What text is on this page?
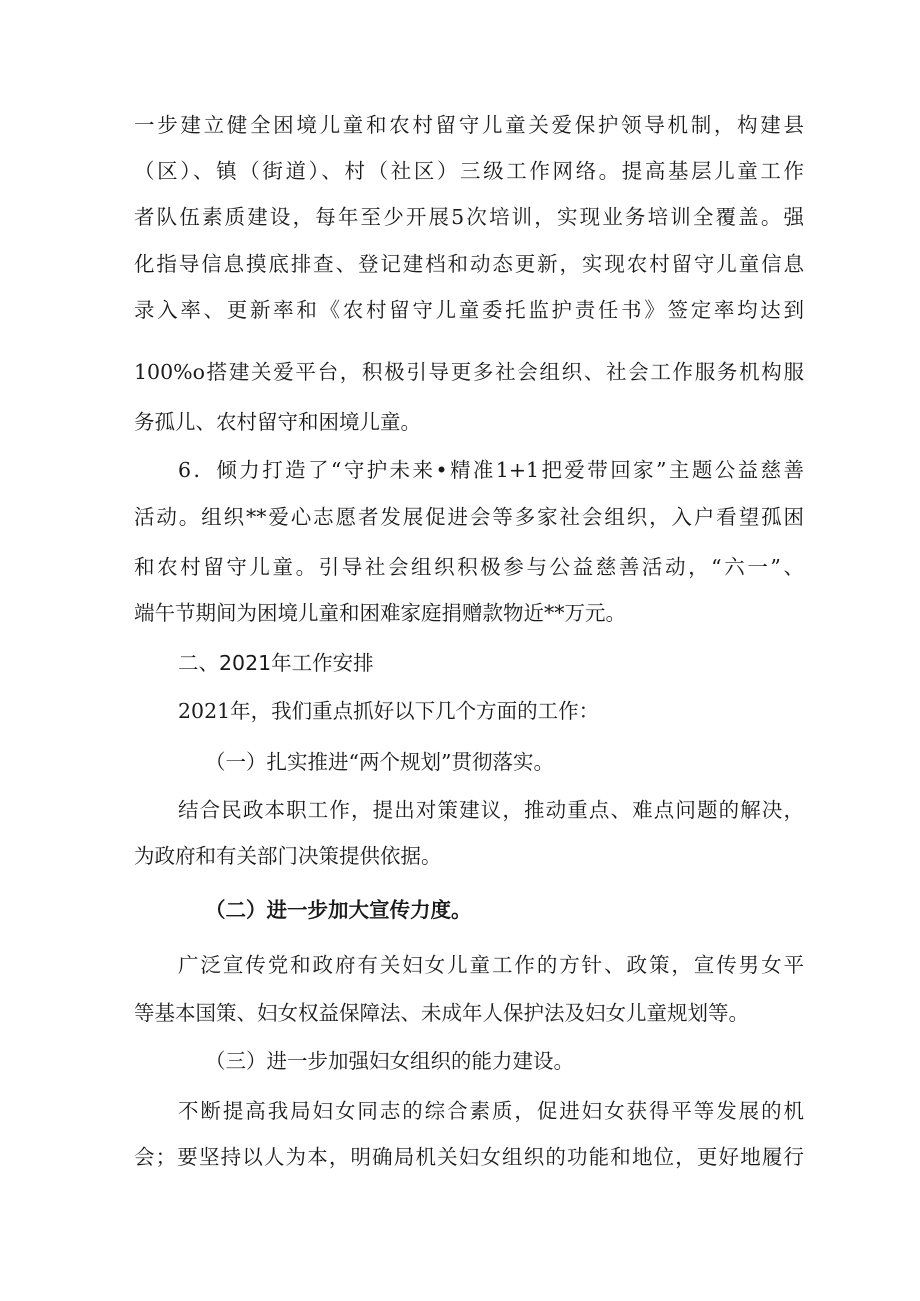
一步建立健全困境儿童和农村留守儿童关爱保护领导机制，构建县
（区）、镇（街道）、村（社区）三级工作网络。提高基层儿童工作
者队伍素质建设，每年至少开展5次培训，实现业务培训全覆盖。强
化指导信息摸底排查、登记建档和动态更新，实现农村留守儿童信息
录入率、更新率和《农村留守儿童委托监护责任书》签定率均达到
100%o搭建关爱平台，积极引导更多社会组织、社会工作服务机构服
务孤儿、农村留守和困境儿童。
6．倾力打造了“守护未来•精准1+1把爱带回家”主题公益慈善
活动。组织**爱心志愿者发展促进会等多家社会组织，入户看望孤困
和农村留守儿童。引导社会组织积极参与公益慈善活动，“六一”、
端午节期间为困境儿童和困难家庭捐赠款物近**万元。
二、2021年工作安排
2021年，我们重点抓好以下几个方面的工作：
（一）扎实推进“两个规划”贯彻落实。
结合民政本职工作，提出对策建议，推动重点、难点问题的解决，
为政府和有关部门决策提供依据。
（二）进一步加大宣传力度。
广泛宣传党和政府有关妇女儿童工作的方针、政策，宣传男女平
等基本国策、妇女权益保障法、未成年人保护法及妇女儿童规划等。
（三）进一步加强妇女组织的能力建设。
不断提高我局妇女同志的综合素质，促进妇女获得平等发展的机
会；要坚持以人为本，明确局机关妇女组织的功能和地位，更好地履行
